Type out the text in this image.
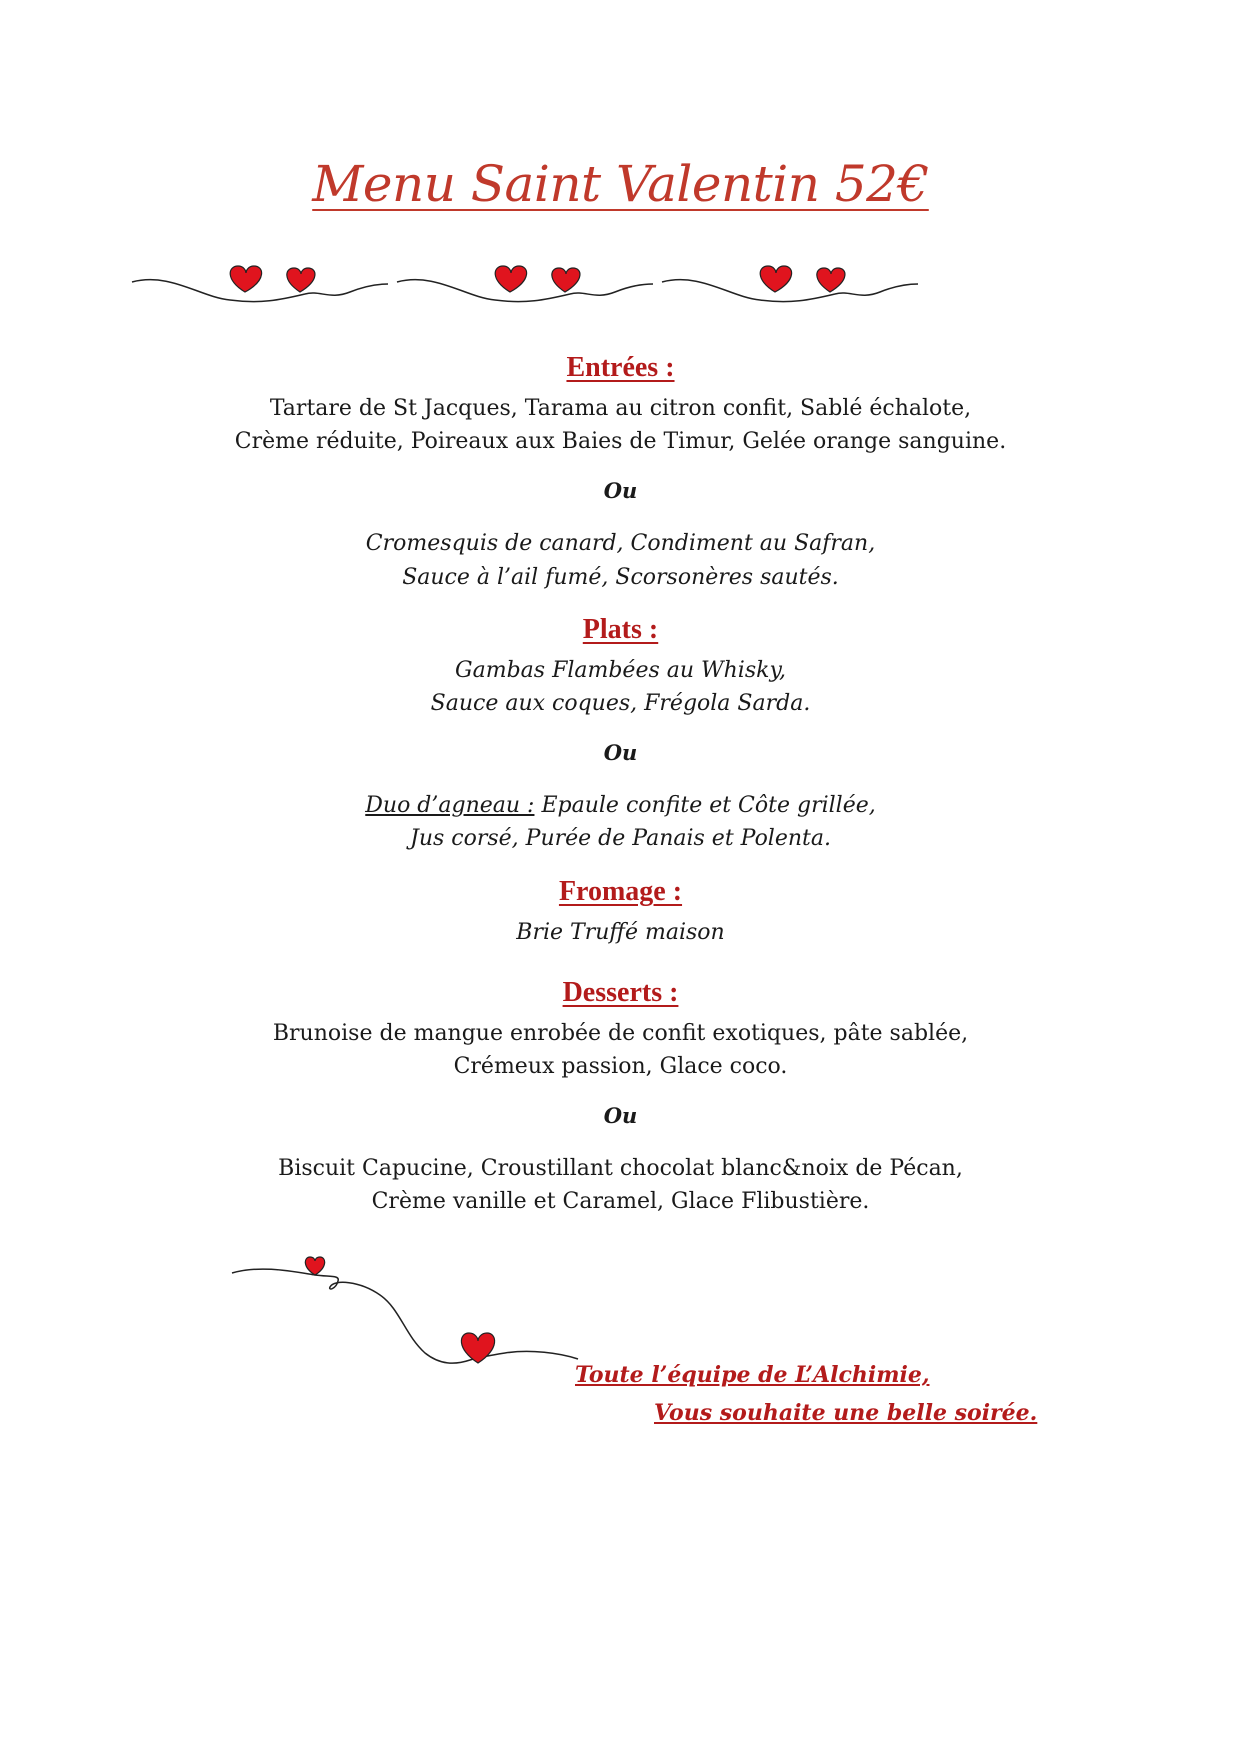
Menu Saint Valentin 52€
Entrées :
Tartare de St Jacques, Tarama au citron confit, Sablé échalote,
Crème réduite, Poireaux aux Baies de Timur, Gelée orange sanguine.
Ou
Cromesquis de canard, Condiment au Safran,
Sauce à l’ail fumé, Scorsonères sautés.
Plats :
Gambas Flambées au Whisky,
Sauce aux coques, Frégola Sarda.
Ou
Duo d’agneau : Epaule confite et Côte grillée,
Jus corsé, Purée de Panais et Polenta.
Fromage :
Brie Truffé maison
Desserts :
Brunoise de mangue enrobée de confit exotiques, pâte sablée,
Crémeux passion, Glace coco.
Ou
Biscuit Capucine, Croustillant chocolat blanc&noix de Pécan,
Crème vanille et Caramel, Glace Flibustière.
Toute l’équipe de L’Alchimie,
Vous souhaite une belle soirée.
